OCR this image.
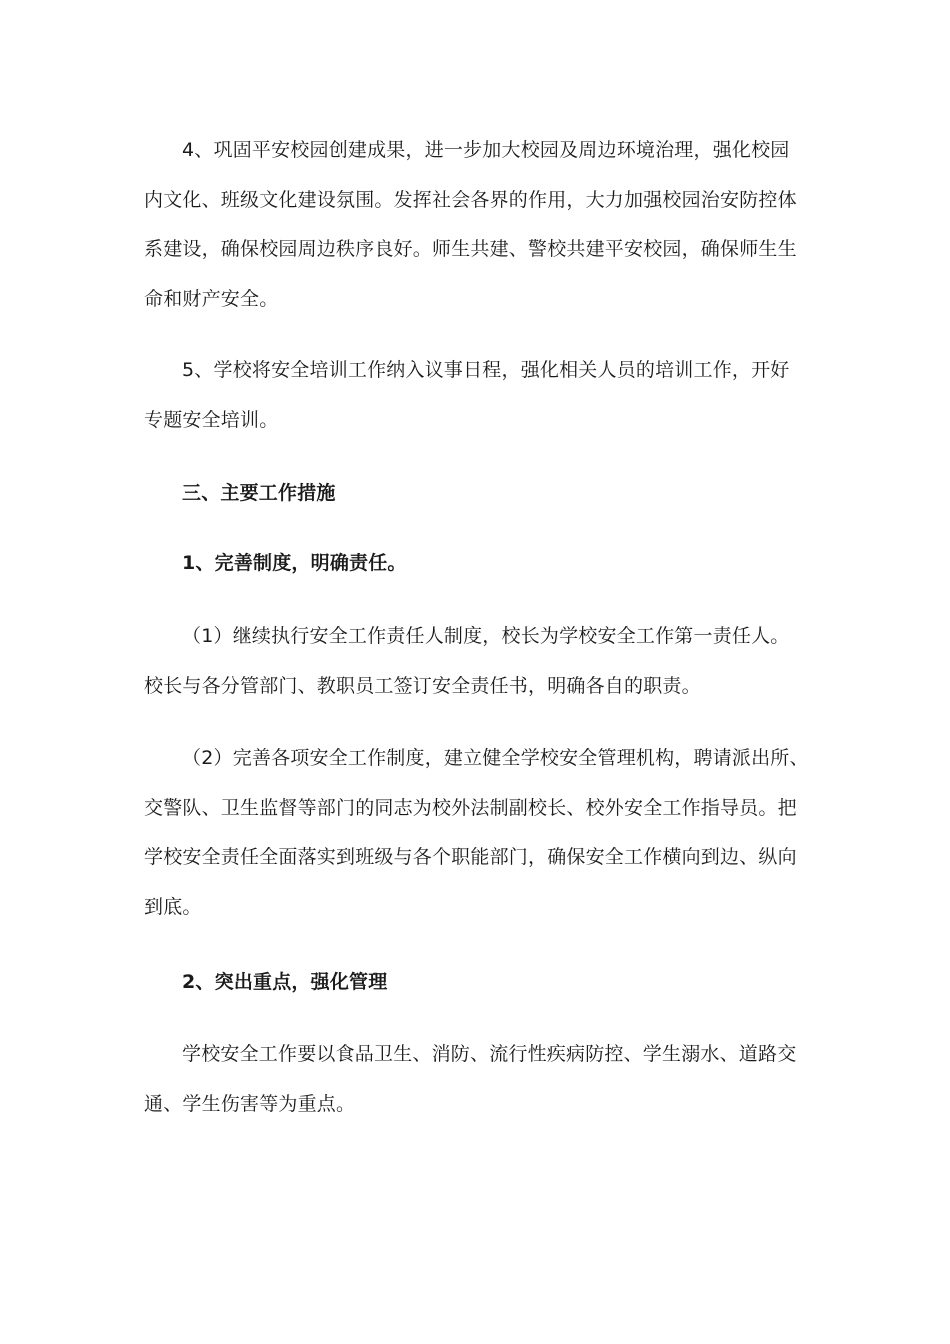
4、巩固平安校园创建成果，进一步加大校园及周边环境治理，强化校园
内文化、班级文化建设氛围。发挥社会各界的作用，大力加强校园治安防控体
系建设，确保校园周边秩序良好。师生共建、警校共建平安校园，确保师生生
命和财产安全。
5、学校将安全培训工作纳入议事日程，强化相关人员的培训工作，开好
专题安全培训。
三、主要工作措施
1、完善制度，明确责任。
（1）继续执行安全工作责任人制度，校长为学校安全工作第一责任人。
校长与各分管部门、教职员工签订安全责任书，明确各自的职责。
（2）完善各项安全工作制度，建立健全学校安全管理机构，聘请派出所、
交警队、卫生监督等部门的同志为校外法制副校长、校外安全工作指导员。把
学校安全责任全面落实到班级与各个职能部门，确保安全工作横向到边、纵向
到底。
2、突出重点，强化管理
学校安全工作要以食品卫生、消防、流行性疾病防控、学生溺水、道路交
通、学生伤害等为重点。
